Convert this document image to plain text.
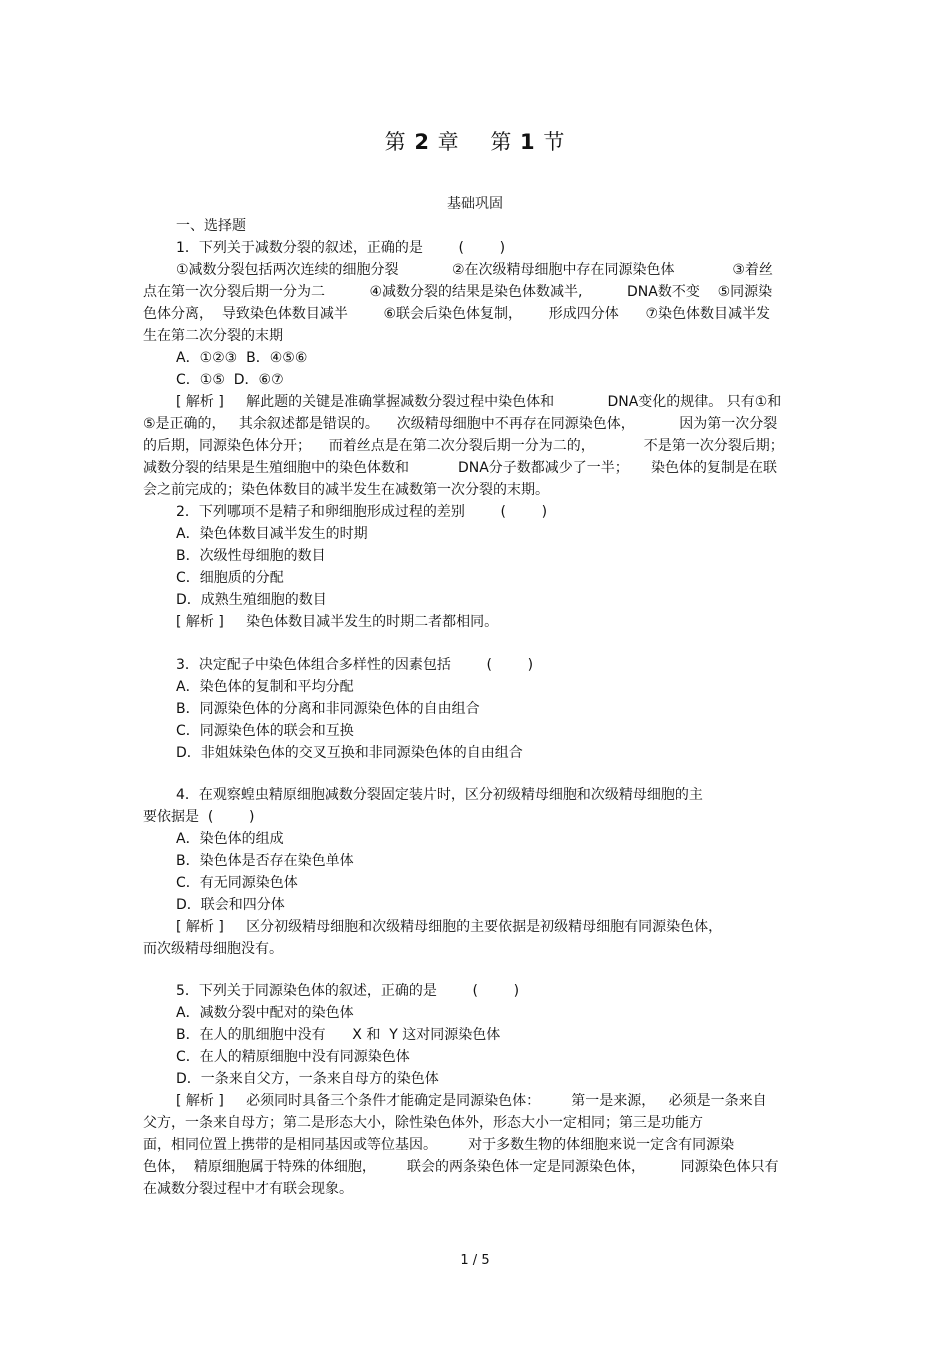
第 2 章    第 1 节
基础巩固
一、选择题
1．下列关于减数分裂的叙述，正确的是        (        )
①减数分裂包括两次连续的细胞分裂            ②在次级精母细胞中存在同源染色体             ③着丝
点在第一次分裂后期一分为二          ④减数分裂的结果是染色体数减半,          DNA数不变    ⑤同源染
色体分离，  导致染色体数目减半        ⑥联会后染色体复制，      形成四分体      ⑦染色体数目减半发
生在第二次分裂的末期
A．①②③  B．④⑤⑥
C．①⑤  D．⑥⑦
[ 解析 ]     解此题的关键是准确掌握减数分裂过程中染色体和            DNA变化的规律。 只有①和
⑤是正确的，   其余叙述都是错误的。    次级精母细胞中不再存在同源染色体，          因为第一次分裂
的后期，同源染色体分开；    而着丝点是在第二次分裂后期一分为二的，           不是第一次分裂后期；
减数分裂的结果是生殖细胞中的染色体数和           DNA分子数都减少了一半；     染色体的复制是在联
会之前完成的；染色体数目的减半发生在减数第一次分裂的末期。
2．下列哪项不是精子和卵细胞形成过程的差别        (        )
A．染色体数目减半发生的时期
B．次级性母细胞的数目
C．细胞质的分配
D．成熟生殖细胞的数目
[ 解析 ]     染色体数目减半发生的时期二者都相同。
3．决定配子中染色体组合多样性的因素包括        (        )
A．染色体的复制和平均分配
B．同源染色体的分离和非同源染色体的自由组合
C．同源染色体的联会和互换
D．非姐妹染色体的交叉互换和非同源染色体的自由组合
4．在观察蝗虫精原细胞减数分裂固定装片时，区分初级精母细胞和次级精母细胞的主
要依据是  (        )
A．染色体的组成
B．染色体是否存在染色单体
C．有无同源染色体
D．联会和四分体
[ 解析 ]     区分初级精母细胞和次级精母细胞的主要依据是初级精母细胞有同源染色体，
而次级精母细胞没有。
5．下列关于同源染色体的叙述，正确的是        (        )
A．减数分裂中配对的染色体
B．在人的肌细胞中没有      X 和  Y 这对同源染色体
C．在人的精原细胞中没有同源染色体
D．一条来自父方，一条来自母方的染色体
[ 解析 ]     必须同时具备三个条件才能确定是同源染色体：       第一是来源，   必须是一条来自
父方，一条来自母方；第二是形态大小，除性染色体外，形态大小一定相同；第三是功能方
面，相同位置上携带的是相同基因或等位基因。       对于多数生物的体细胞来说一定含有同源染
色体，  精原细胞属于特殊的体细胞，       联会的两条染色体一定是同源染色体，        同源染色体只有
在减数分裂过程中才有联会现象。
1 / 5
